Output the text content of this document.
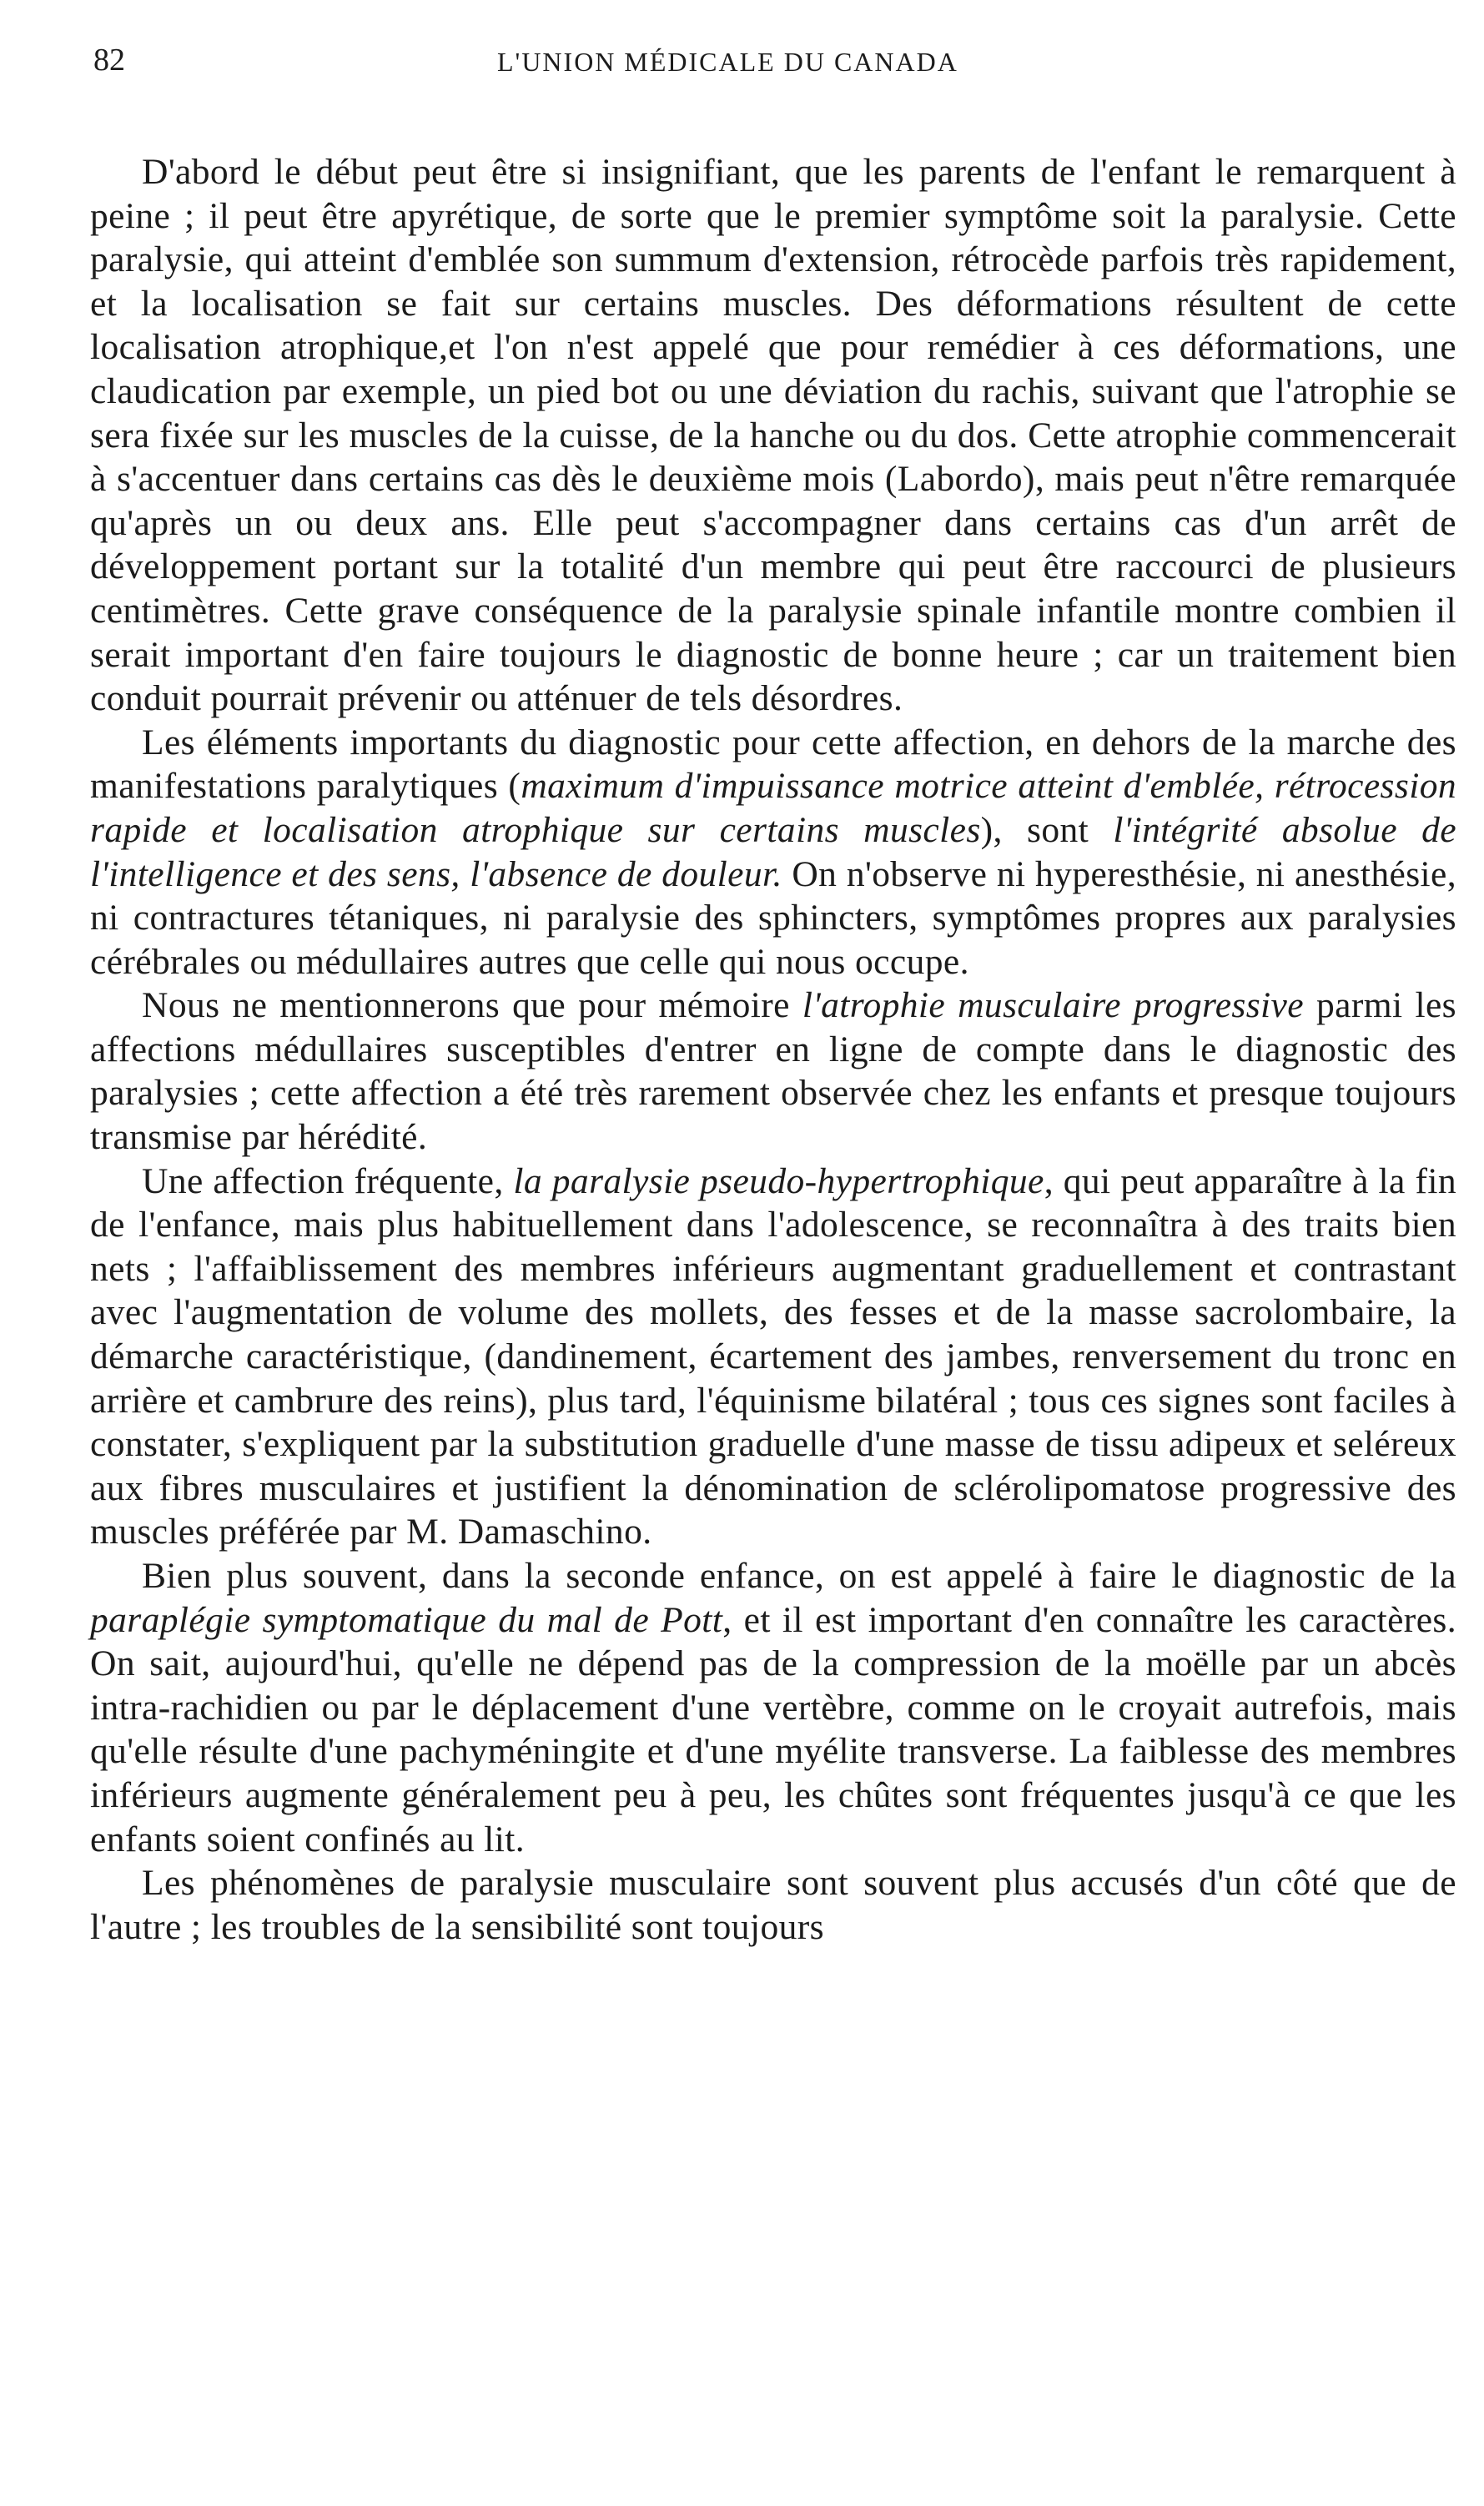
82	L'UNION MÉDICALE DU CANADA

D'abord le début peut être si insignifiant, que les parents de l'enfant le remarquent à peine ; il peut être apyrétique, de sorte que le premier symptôme soit la paralysie. Cette paralysie, qui atteint d'emblée son summum d'extension, rétrocède parfois très rapidement, et la localisation se fait sur certains muscles. Des déformations résultent de cette localisation atrophique,et l'on n'est appelé que pour remédier à ces déformations, une claudication par exemple, un pied bot ou une déviation du rachis, suivant que l'atrophie se sera fixée sur les muscles de la cuisse, de la hanche ou du dos. Cette atrophie commencerait à s'accentuer dans certains cas dès le deuxième mois (Labordo), mais peut n'être remarquée qu'après un ou deux ans. Elle peut s'accompagner dans certains cas d'un arrêt de développement portant sur la totalité d'un membre qui peut être raccourci de plusieurs centimètres. Cette grave conséquence de la paralysie spinale infantile montre combien il serait important d'en faire toujours le diagnostic de bonne heure ; car un traitement bien conduit pourrait prévenir ou atténuer de tels désordres.

Les éléments importants du diagnostic pour cette affection, en dehors de la marche des manifestations paralytiques (maximum d'impuissance motrice atteint d'emblée, rétrocession rapide et localisation atrophique sur certains muscles), sont l'intégrité absolue de l'intelligence et des sens, l'absence de douleur. On n'observe ni hyperesthésie, ni anesthésie, ni contractures tétaniques, ni paralysie des sphincters, symptômes propres aux paralysies cérébrales ou médullaires autres que celle qui nous occupe.

Nous ne mentionnerons que pour mémoire l'atrophie musculaire progressive parmi les affections médullaires susceptibles d'entrer en ligne de compte dans le diagnostic des paralysies ; cette affection a été très rarement observée chez les enfants et presque toujours transmise par hérédité.

Une affection fréquente, la paralysie pseudo-hypertrophique, qui peut apparaître à la fin de l'enfance, mais plus habituellement dans l'adolescence, se reconnaîtra à des traits bien nets ; l'affaiblissement des membres inférieurs augmentant graduellement et contrastant avec l'augmentation de volume des mollets, des fesses et de la masse sacrolombaire, la démarche caractéristique, (dandinement, écartement des jambes, renversement du tronc en arrière et cambrure des reins), plus tard, l'équinisme bilatéral ; tous ces signes sont faciles à constater, s'expliquent par la substitution graduelle d'une masse de tissu adipeux et seléreux aux fibres musculaires et justifient la dénomination de sclérolipomatose progressive des muscles préférée par M. Damaschino.

Bien plus souvent, dans la seconde enfance, on est appelé à faire le diagnostic de la paraplégie symptomatique du mal de Pott, et il est important d'en connaître les caractères. On sait, aujourd'hui, qu'elle ne dépend pas de la compression de la moëlle par un abcès intra-rachidien ou par le déplacement d'une vertèbre, comme on le croyait autrefois, mais qu'elle résulte d'une pachyméningite et d'une myélite transverse. La faiblesse des membres inférieurs augmente généralement peu à peu, les chûtes sont fréquentes jusqu'à ce que les enfants soient confinés au lit.

Les phénomènes de paralysie musculaire sont souvent plus accusés d'un côté que de l'autre ; les troubles de la sensibilité sont toujours
